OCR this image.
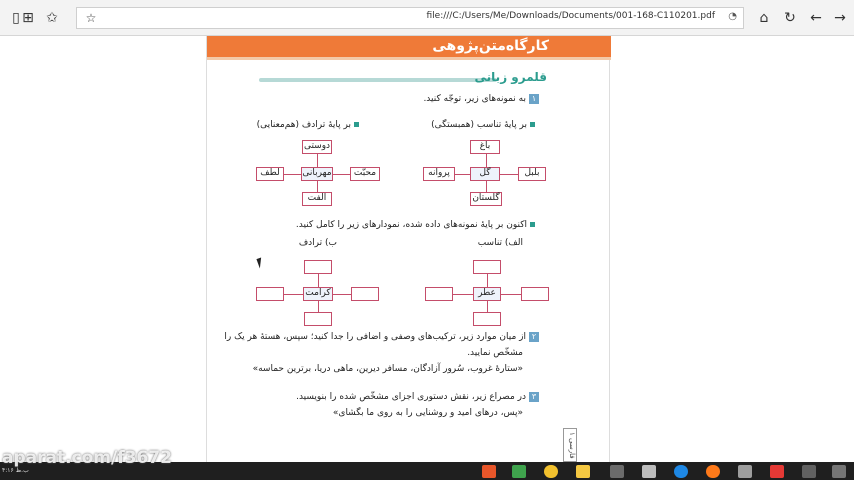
▯ ⊞ ✩	☆	file:///C:/Users/Me/Downloads/Documents/001-168-C110201.pdf ◔	⌂	↻ ← →
کارگاه‌متن‌پژوهی
قلمرو زبانی
۱به نمونه‌های زیر، توجّه کنید.
بر پایهٔ تناسب (همبستگی)
بر پایهٔ ترادف (هم‌معنایی)
باغ
گل
گلستان
پروانه	بلبل
دوستی
مهربانی
الفت
لطف	محبّت
اکنون بر پایهٔ نمونه‌های داده شده، نمودارهای زیر را کامل کنید.
الف) تناسب
ب) ترادف
عطر
کرامت
۲از میان موارد زیر، ترکیب‌های وصفی و اضافی را جدا کنید؛ سپس، هستهٔ هر یک را
مشخّص نمایید.
«ستارهٔ غروب، سُرور آزادگان، مسافر دیرین، ماهی دریا، برترین حماسه»
۳در مصراع زیر، نقش دستوری اجزای مشخّص شده را بنویسید.
«پس، درهای امید و روشنایی را به روی ما بگشای»
فارسی ۱
۴:۱۶ ب.ظ
aparat.com/f3672
